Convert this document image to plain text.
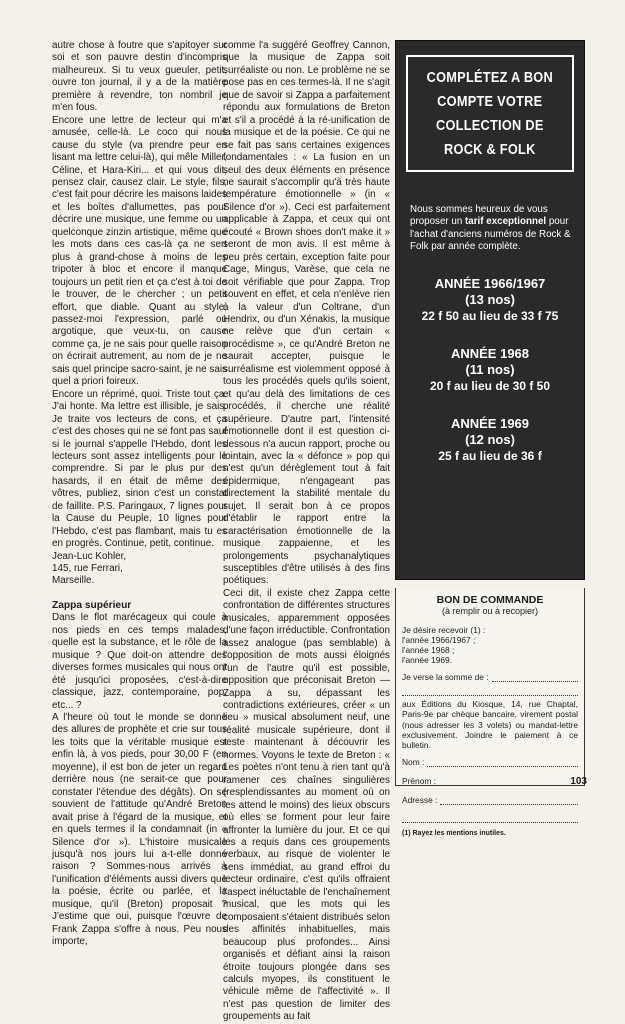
autre chose à foutre que s'apitoyer sur soi et son pauvre destin d'incompris malheureux. Si tu veux gueuler, petit, ouvre ton journal, il y a de la matière première à revendre, ton nombril je m'en fous.

Encore une lettre de lecteur qui m'a amusée, celle-là. Le coco qui nous cause du style (va prendre peur en lisant ma lettre celui-là), qui mêle Miller, Céline, et Hara-Kiri... et qui vous dit, pensez clair, causez clair. Le style, fils, c'est fait pour décrire les maisons laides et les boîtes d'allumettes, pas pour décrire une musique, une femme ou un quelconque zinzin artistique, même que les mots dans ces cas-là ça ne sert plus à grand-chose à moins de les tripoter à bloc et encore il manque toujours un petit rien et ça c'est à toi de le trouver, de le chercher ; un petit effort, que diable. Quant au style, passez-moi l'expression, parlé ou argotique, que veux-tu, on cause comme ça, je ne sais pour quelle raison on écrirait autrement, au nom de je ne sais quel principe sacro-saint, je ne sais quel a priori foireux.

Encore un réprimé, quoi. Triste tout ça. J'ai honte. Ma lettre est illisible, je sais. Je traite vos lecteurs de cons, et ça c'est des choses qui ne se font pas sauf si le journal s'appelle l'Hebdo, dont les lecteurs sont assez intelligents pour le comprendre. Si par le plus pur des hasards, il en était de même des vôtres, publiez, sinon c'est un constat de faillite. P.S. Paringaux, 7 lignes pour la Cause du Peuple, 10 lignes pour l'Hebdo, c'est pas flambant, mais tu es en progrès. Continue, petit, continue.

Jean-Luc Kohler,

145, rue Ferrari,

Marseille.

Zappa supérieur

Dans le flot marécageux qui coule à nos pieds en ces temps malades, quelle est la substance, et le rôle de la musique ? Que doit-on attendre des diverses formes musicales qui nous ont été jusqu'ici proposées, c'est-à-dire classique, jazz, contemporaine, pop, etc... ?

A l'heure où tout le monde se donne des allures de prophète et crie sur tous les toits que la véritable musique est enfin là, à vos pieds, pour 30,00 F (en moyenne), il est bon de jeter un regard derrière nous (ne serait-ce que pour constater l'étendue des dégâts). On se souvient de l'attitude qu'André Breton avait prise à l'égard de la musique, et en quels termes il la condamnait (in « Silence d'or »). L'histoire musicale jusqu'à nos jours lui a-t-elle donné raison ? Sommes-nous arrivés à l'unification d'éléments aussi divers que la poésie, écrite ou parlée, et la musique, qu'il (Breton) proposait ? J'estime que oui, puisque l'œuvre de Frank Zappa s'offre à nous. Peu nous importe,

comme l'a suggéré Geoffrey Cannon, que la musique de Zappa soit surréaliste ou non. Le problème ne se pose pas en ces termes-là. Il ne s'agit que de savoir si Zappa a parfaitement répondu aux formulations de Breton et s'il a procédé à la ré-unification de la musique et de la poésie. Ce qui ne se fait pas sans certaines exigences fondamentales : « La fusion en un seul des deux éléments en présence ne saurait s'accomplir qu'à très haute température émotionnelle » (in « Silence d'or »). Ceci est parfaitement applicable à Zappa, et ceux qui ont écouté « Brown shoes don't make it » seront de mon avis. Il est même à peu près certain, exception faite pour Cage, Mingus, Varèse, que cela ne soit vérifiable que pour Zappa. Trop souvent en effet, et cela n'enlève rien à la valeur d'un Coltrane, d'un Hendrix, ou d'un Xénakis, la musique ne relève que d'un certain « procédisme », ce qu'André Breton ne saurait accepter, puisque le surréalisme est violemment opposé à tous les procédés quels qu'ils soient, et qu'au delà des limitations de ces procédés, il cherche une réalité supérieure. D'autre part, l'intensité émotionnelle dont il est question ci-dessous n'a aucun rapport, proche ou lointain, avec la « défonce » pop qui n'est qu'un dérèglement tout à fait épidermique, n'engageant pas directement la stabilité mentale du sujet. Il serait bon à ce propos d'établir le rapport entre la caractérisation émotionnelle de la musique zappaienne, et les prolongements psychanalytiques susceptibles d'être utilisés à des fins poétiques.

Ceci dit, il existe chez Zappa cette confrontation de différentes structures musicales, apparemment opposées d'une façon irréductible. Confrontation assez analogue (pas semblable) à l'opposition de mots aussi éloignés l'un de l'autre qu'il est possible, opposition que préconisait Breton — Zappa a su, dépassant les contradictions extérieures, créer « un lieu » musical absolument neuf, une réalité musicale supérieure, dont il reste maintenant à découvrir les normes. Voyons le texte de Breton : « Les poètes n'ont tenu à rien tant qu'à ramener ces chaînes singulières (resplendissantes au moment où on les attend le moins) des lieux obscurs où elles se forment pour leur faire affronter la lumière du jour. Et ce qui les a requis dans ces groupements verbaux, au risque de violenter le sens immédiat, au grand effroi du lecteur ordinaire, c'est qu'ils offraient l'aspect inéluctable de l'enchaînement musical, que les mots qui les composaient s'étaient distribués selon des affinités inhabituelles, mais beaucoup plus profondes... Ainsi organisés et défiant ainsi la raison étroite toujours plongée dans ses calculs myopes, ils constituent le véhicule même de l'affectivité ». Il n'est pas question de limiter des groupements au fait

COMPLÉTEZ A BON
COMPTE VOTRE
COLLECTION DE
ROCK & FOLK
Nous sommes heureux de vous proposer un tarif exceptionnel pour l'achat d'anciens numéros de Rock & Folk par année complète.
ANNÉE 1966/1967
(13 nos)
22 f 50 au lieu de 33 f 75
ANNÉE 1968
(11 nos)
20 f au lieu de 30 f 50
ANNÉE 1969
(12 nos)
25 f au lieu de 36 f
BON DE COMMANDE
(à remplir ou à recopier)
Je désire recevoir (1) :
l'année 1966/1967 ;
l'année 1968 ;
l'année 1969.
Je verse la somme de :
aux Éditions du Kiosque, 14, rue Chaptal, Paris-9e par chèque bancaire, virement postal (nous adresser les 3 volets) ou mandat-lettre exclusivement. Joindre le paiement à ce bulletin.
Nom :
Prénom :
Adresse :
(1) Rayez les mentions inutiles.
103
